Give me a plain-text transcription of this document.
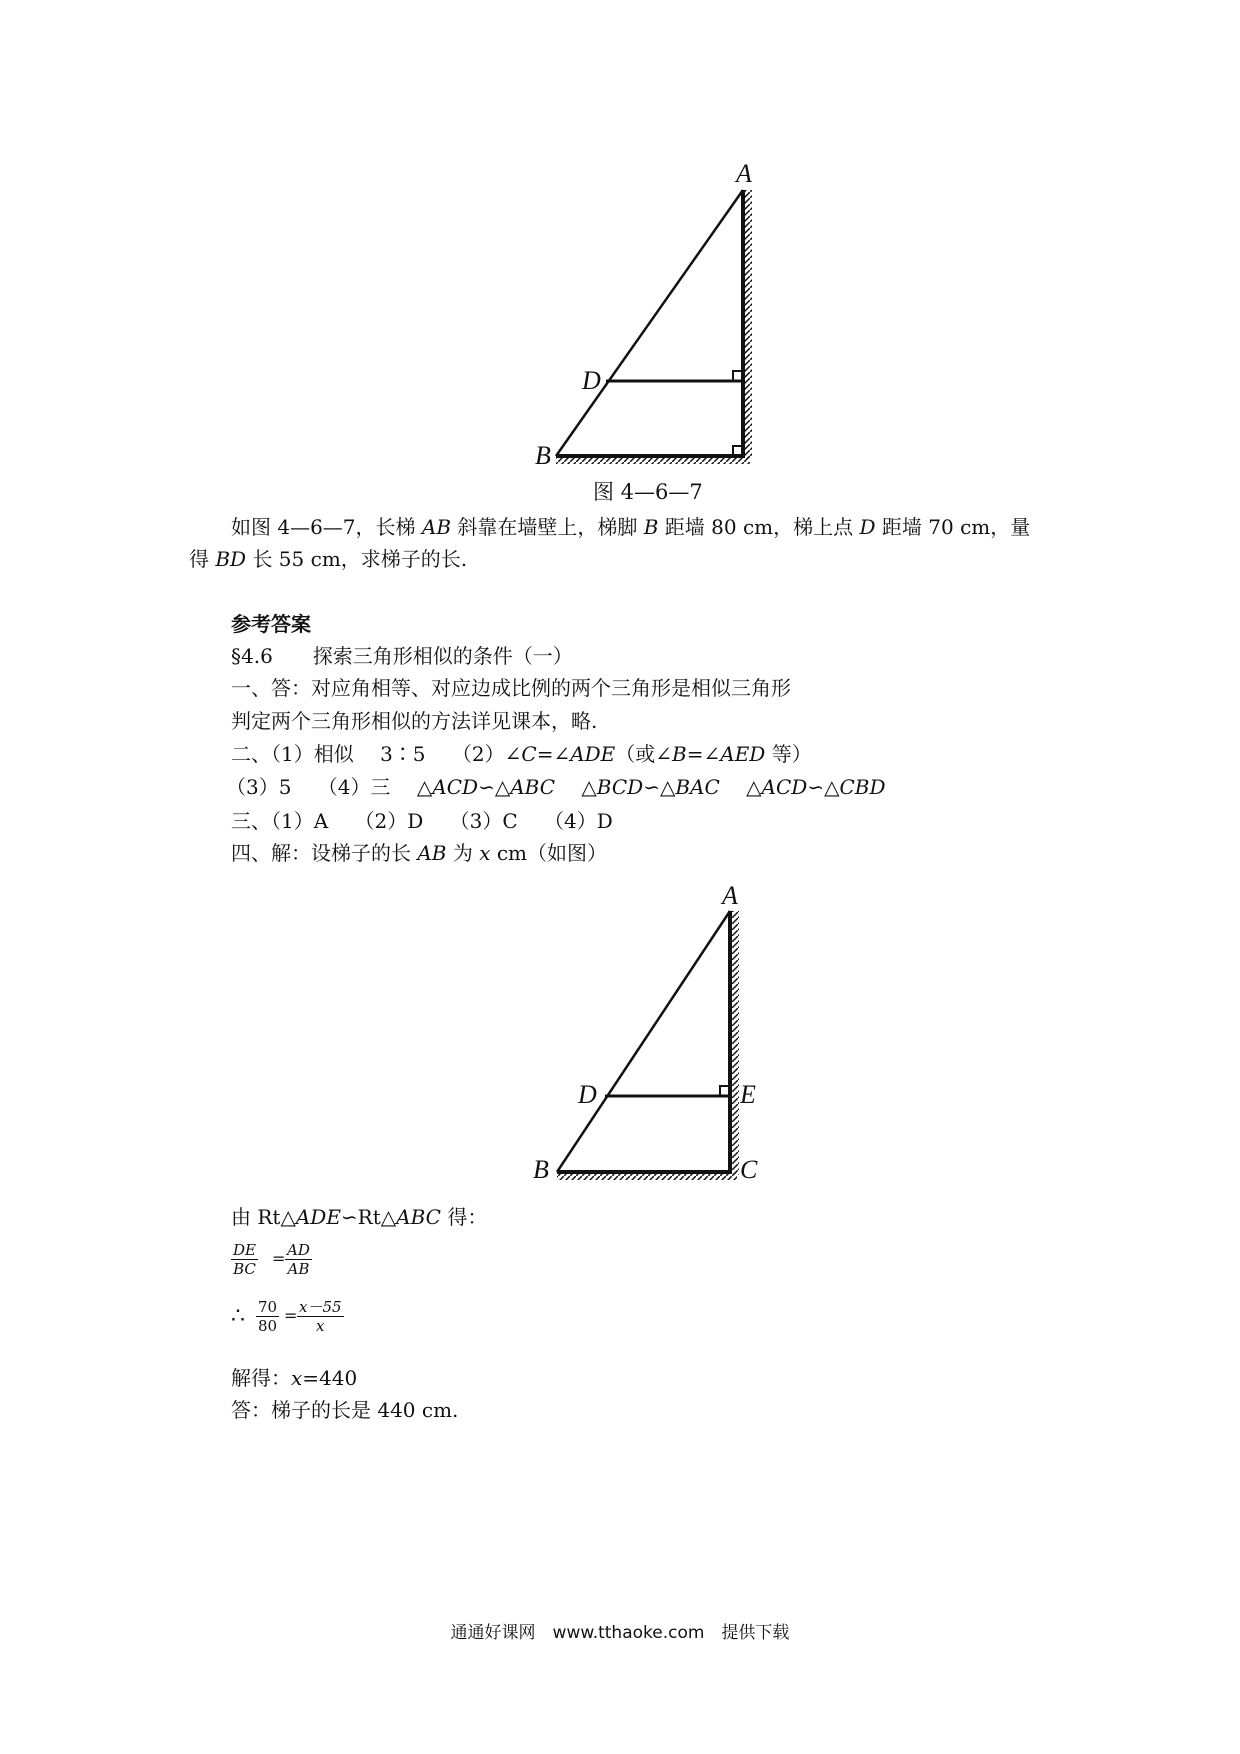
A
B
D
图 4—6—7
如图 4—6—7，长梯 AB 斜靠在墙壁上，梯脚 B 距墙 80 cm，梯上点 D 距墙 70 cm，量
得 BD 长 55 cm，求梯子的长.
参考答案
§4.6　　探索三角形相似的条件（一）
一、答：对应角相等、对应边成比例的两个三角形是相似三角形
判定两个三角形相似的方法详见课本，略.
二、（1）相似　 3∶5　 （2）∠C=∠ADE（或∠B=∠AED 等）
（3）5　 （4）三　 △ACD∽△ABC　 △BCD∽△BAC　 △ACD∽△CBD
三、（1）A　 （2）D　 （3）C　 （4）D
四、解：设梯子的长 AB 为 x cm（如图）
A
B	C
D	E
由 Rt△ADE∽Rt△ABC 得：
$\frac{DE}{BC} = \frac{AD}{AB}$
∴ $\frac{70}{80} = \frac{x-55}{x}$
解得：x=440
答：梯子的长是 440 cm.
通通好课网　www.tthaoke.com　提供下载
